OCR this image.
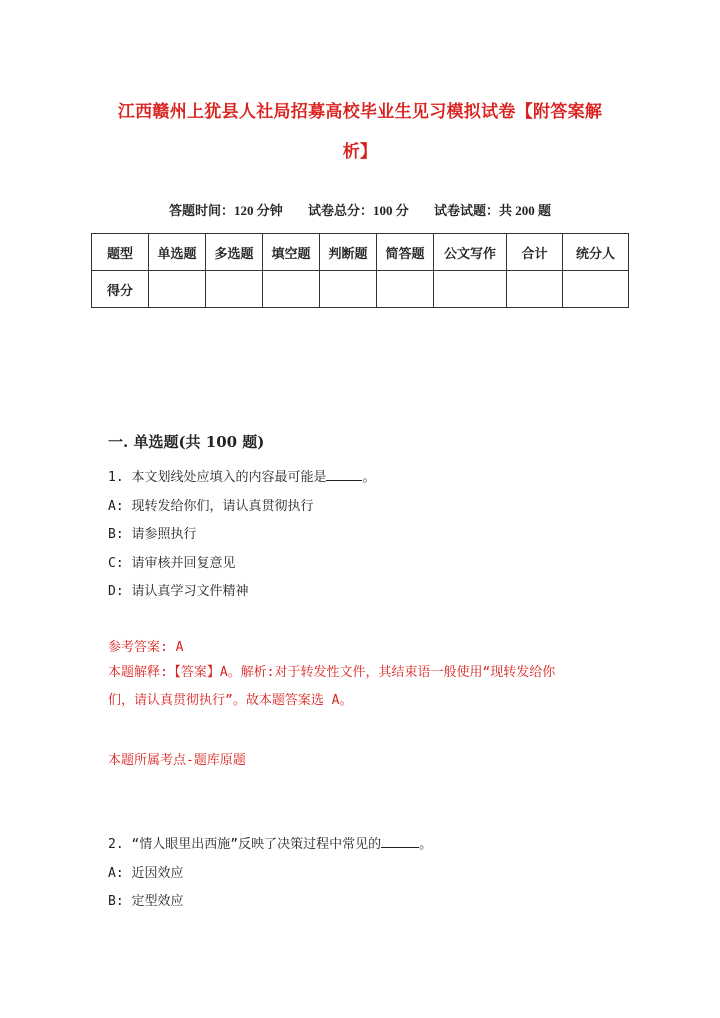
江西赣州上犹县人社局招募高校毕业生见习模拟试卷【附答案解
析】
答题时间：120 分钟 试卷总分：100 分 试卷试题：共 200 题
题型	单选题	多选题	填空题	判断题	简答题	公文写作	合计	统分人
得分								
一. 单选题(共 100 题)
1. 本文划线处应填入的内容最可能是	。
A: 现转发给你们，请认真贯彻执行
B: 请参照执行
C: 请审核并回复意见
D: 请认真学习文件精神
参考答案: A
本题解释:【答案】A。解析:对于转发性文件，其结束语一般使用“现转发给你
们，请认真贯彻执行”。故本题答案选 A。
本题所属考点-题库原题
2. “情人眼里出西施”反映了决策过程中常见的	。
A: 近因效应
B: 定型效应
